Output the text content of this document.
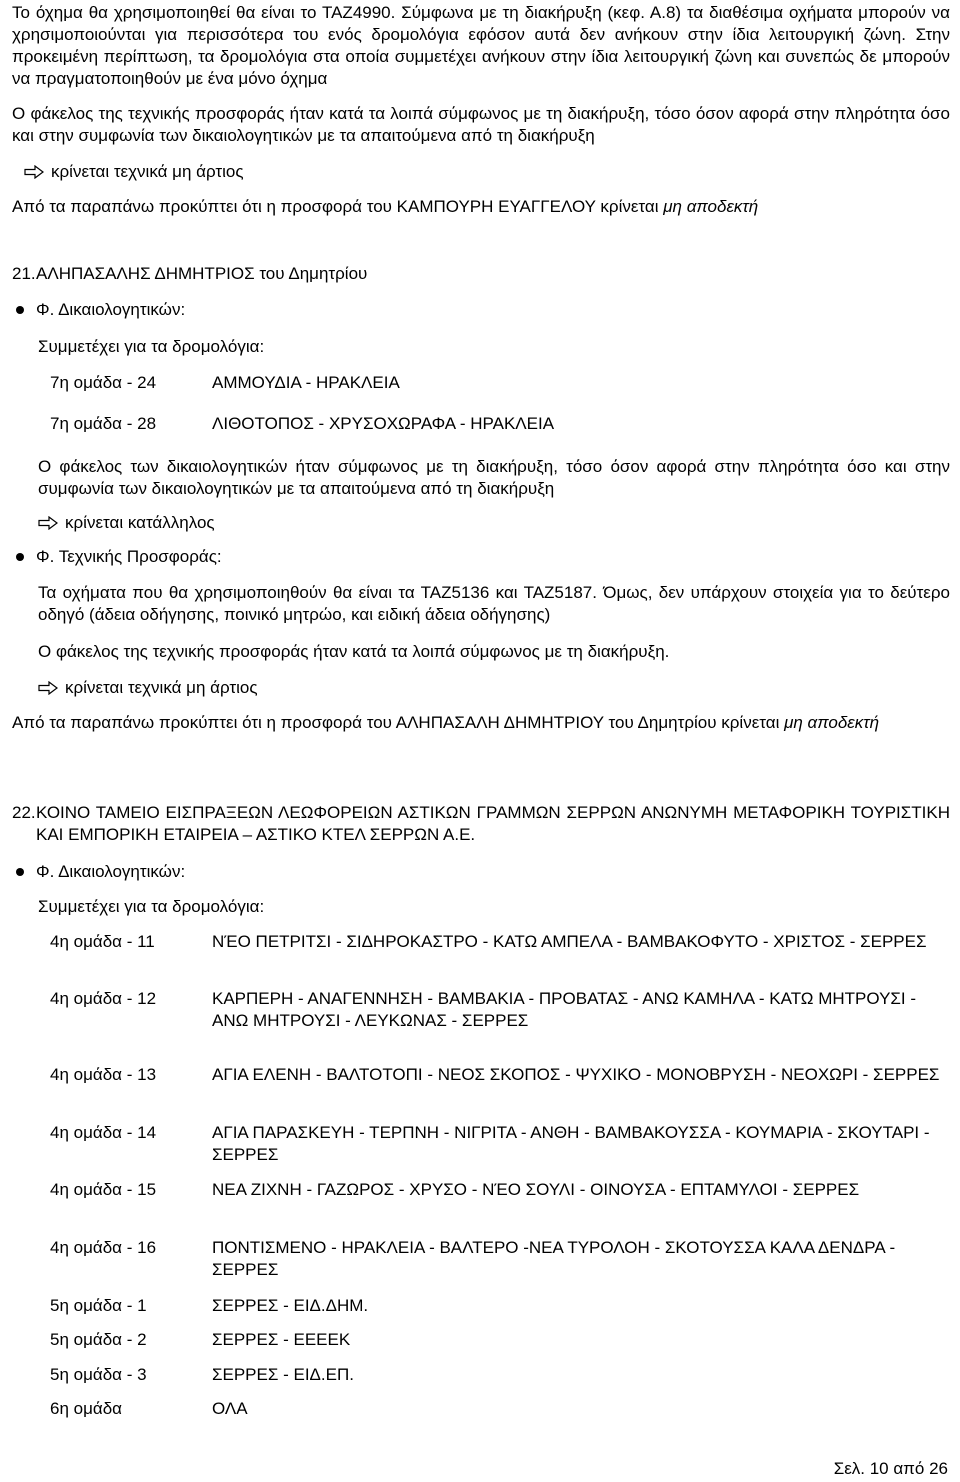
Το όχημα θα χρησιμοποιηθεί θα είναι το ΤΑΖ4990. Σύμφωνα με τη διακήρυξη (κεφ. Α.8) τα διαθέσιμα οχήματα μπορούν να χρησιμοποιούνται για περισσότερα του ενός δρομολόγια εφόσον αυτά δεν ανήκουν στην ίδια λειτουργική ζώνη. Στην προκειμένη περίπτωση, τα δρομολόγια στα οποία συμμετέχει ανήκουν στην ίδια λειτουργική ζώνη και συνεπώς δε μπορούν να πραγματοποιηθούν με ένα μόνο όχημα

Ο φάκελος της τεχνικής προσφοράς ήταν κατά τα λοιπά σύμφωνος με τη διακήρυξη, τόσο όσον αφορά στην πληρότητα όσο και στην συμφωνία των δικαιολογητικών με τα απαιτούμενα από τη διακήρυξη

κρίνεται τεχνικά μη άρτιος

Από τα παραπάνω προκύπτει ότι η προσφορά του ΚΑΜΠΟΥΡΗ ΕΥΑΓΓΕΛΟΥ κρίνεται μη αποδεκτή

21. ΑΛΗΠΑΣΑΛΗΣ ΔΗΜΗΤΡΙΟΣ του Δημητρίου
Φ. Δικαιολογητικών:

Συμμετέχει για τα δρομολόγια:

7η ομάδα - 24	ΑΜΜΟΥΔΙΑ - ΗΡΑΚΛΕΙΑ
7η ομάδα - 28	ΛΙΘΟΤΟΠΟΣ - ΧΡΥΣΟΧΩΡΑΦΑ - ΗΡΑΚΛΕΙΑ

Ο φάκελος των δικαιολογητικών ήταν σύμφωνος με τη διακήρυξη, τόσο όσον αφορά στην πληρότητα όσο και στην συμφωνία των δικαιολογητικών με τα απαιτούμενα από τη διακήρυξη

κρίνεται κατάλληλος
Φ. Τεχνικής Προσφοράς:

Τα οχήματα που θα χρησιμοποιηθούν θα είναι τα ΤΑΖ5136 και ΤΑΖ5187. Όμως, δεν υπάρχουν στοιχεία για το δεύτερο οδηγό (άδεια οδήγησης, ποινικό μητρώο, και ειδική άδεια οδήγησης)

Ο φάκελος της τεχνικής προσφοράς ήταν κατά τα λοιπά σύμφωνος με τη διακήρυξη.

κρίνεται τεχνικά μη άρτιος

Από τα παραπάνω προκύπτει ότι η προσφορά του ΑΛΗΠΑΣΑΛΗ ΔΗΜΗΤΡΙΟΥ του Δημητρίου κρίνεται μη αποδεκτή

22. ΚΟΙΝΟ ΤΑΜΕΙΟ ΕΙΣΠΡΑΞΕΩΝ ΛΕΩΦΟΡΕΙΩΝ ΑΣΤΙΚΩΝ ΓΡΑΜΜΩΝ ΣΕΡΡΩΝ ΑΝΩΝΥΜΗ ΜΕΤΑΦΟΡΙΚΗ ΤΟΥΡΙΣΤΙΚΗ ΚΑΙ ΕΜΠΟΡΙΚΗ ΕΤΑΙΡΕΙΑ – ΑΣΤΙΚΟ ΚΤΕΛ ΣΕΡΡΩΝ Α.Ε.
Φ. Δικαιολογητικών:

Συμμετέχει για τα δρομολόγια:

4η ομάδα - 11	ΝΈΟ ΠΕΤΡΙΤΣΙ - ΣΙΔΗΡΟΚΑΣΤΡΟ - ΚΑΤΩ ΑΜΠΕΛΑ - ΒΑΜΒΑΚΟΦΥΤΟ - ΧΡΙΣΤΟΣ - ΣΕΡΡΕΣ
4η ομάδα - 12	ΚΑΡΠΕΡΗ - ΑΝΑΓΕΝΝΗΣΗ - ΒΑΜΒΑΚΙΑ - ΠΡΟΒΑΤΑΣ - ΑΝΩ ΚΑΜΗΛΑ - ΚΑΤΩ ΜΗΤΡΟΥΣΙ - ΑΝΩ ΜΗΤΡΟΥΣΙ - ΛΕΥΚΩΝΑΣ - ΣΕΡΡΕΣ
4η ομάδα - 13	ΑΓΙΑ ΕΛΕΝΗ - ΒΑΛΤΟΤΟΠΙ - ΝΕΟΣ ΣΚΟΠΟΣ - ΨΥΧΙΚΟ - ΜΟΝΟΒΡΥΣΗ - ΝΕΟΧΩΡΙ - ΣΕΡΡΕΣ
4η ομάδα - 14	ΑΓΙΑ ΠΑΡΑΣΚΕΥΗ - ΤΕΡΠΝΗ - ΝΙΓΡΙΤΑ - ΑΝΘΗ - ΒΑΜΒΑΚΟΥΣΣΑ - ΚΟΥΜΑΡΙΑ - ΣΚΟΥΤΑΡΙ - ΣΕΡΡΕΣ
4η ομάδα - 15	ΝΕΑ ΖΙΧΝΗ - ΓΑΖΩΡΟΣ - ΧΡΥΣΟ - ΝΈΟ ΣΟΥΛΙ - ΟΙΝΟΥΣΑ - ΕΠΤΑΜΥΛΟΙ - ΣΕΡΡΕΣ
4η ομάδα - 16	ΠΟΝΤΙΣΜΕΝΟ - ΗΡΑΚΛΕΙΑ - ΒΑΛΤΕΡΟ -ΝΕΑ ΤΥΡΟΛΟΗ - ΣΚΟΤΟΥΣΣΑ ΚΑΛΑ ΔΕΝΔΡΑ - ΣΕΡΡΕΣ
5η ομάδα - 1	ΣΕΡΡΕΣ - ΕΙΔ.ΔΗΜ.
5η ομάδα - 2	ΣΕΡΡΕΣ - ΕΕΕΕΚ
5η ομάδα - 3	ΣΕΡΡΕΣ - ΕΙΔ.ΕΠ.
6η ομάδα	ΟΛΑ
Σελ. 10 από 26
